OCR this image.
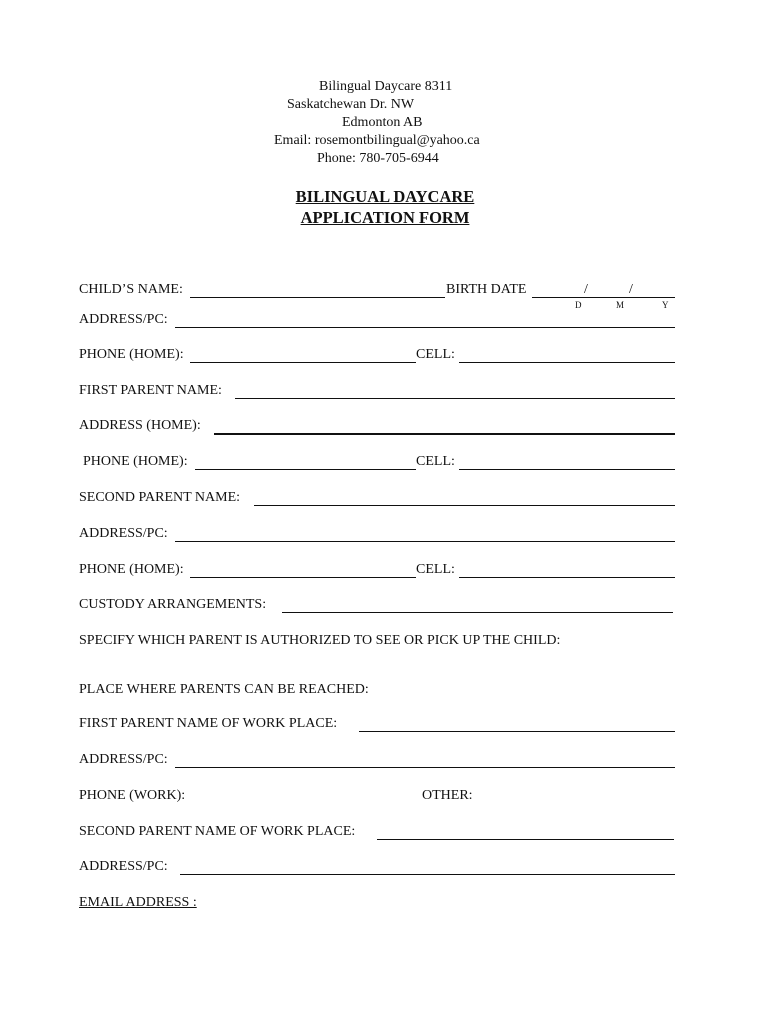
Bilingual Daycare 8311
Saskatchewan Dr. NW
Edmonton AB
Email: rosemontbilingual@yahoo.ca
Phone: 780-705-6944
BILINGUAL DAYCARE
APPLICATION FORM
CHILD’S NAME:	BIRTH DATE	/	/
D	M	Y
ADDRESS/PC:
PHONE (HOME):	CELL:
FIRST PARENT NAME:
ADDRESS (HOME):
PHONE (HOME):	CELL:
SECOND PARENT NAME:
ADDRESS/PC:
PHONE (HOME):	CELL:
CUSTODY ARRANGEMENTS:
SPECIFY WHICH PARENT IS AUTHORIZED TO SEE OR PICK UP THE CHILD:
PLACE WHERE PARENTS CAN BE REACHED:
FIRST PARENT NAME OF WORK PLACE:
ADDRESS/PC:
PHONE (WORK):	OTHER:
SECOND PARENT NAME OF WORK PLACE:
ADDRESS/PC:
EMAIL ADDRESS :
